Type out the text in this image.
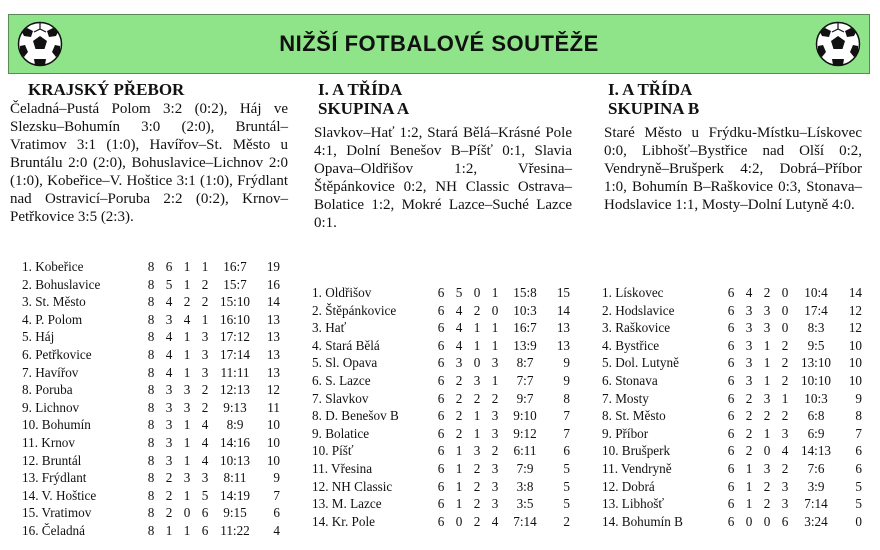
NIŽŠÍ FOTBALOVÉ SOUTĚŽE
KRAJSKÝ PŘEBOR

Čeladná–Pustá Polom 3:2 (0:2), Háj ve Slezsku–Bohumín 3:0 (2:0), Bruntál–Vratimov 3:1 (1:0), Havířov–St. Město u Bruntálu 2:0 (2:0), Bohuslavice–Lichnov 2:0 (1:0), Kobeřice–V. Hoštice 3:1 (1:0), Frýdlant nad Ostravicí–Poruba 2:2 (0:2), Krnov–Petřkovice 3:5 (2:3).

1. Kobeřice	8	6	1	1	16:7	19
2. Bohuslavice	8	5	1	2	15:7	16
3. St. Město	8	4	2	2	15:10	14
4. P. Polom	8	3	4	1	16:10	13
5. Háj	8	4	1	3	17:12	13
6. Petřkovice	8	4	1	3	17:14	13
7. Havířov	8	4	1	3	11:11	13
8. Poruba	8	3	3	2	12:13	12
9. Lichnov	8	3	3	2	9:13	11
10. Bohumín	8	3	1	4	8:9	10
11. Krnov	8	3	1	4	14:16	10
12. Bruntál	8	3	1	4	10:13	10
13. Frýdlant	8	2	3	3	8:11	9
14. V. Hoštice	8	2	1	5	14:19	7
15. Vratimov	8	2	0	6	9:15	6
16. Čeladná	8	1	1	6	11:22	4
I. A TŘÍDA
SKUPINA A

Slavkov–Hať 1:2, Stará Bělá–Krásné Pole 4:1, Dolní Benešov B–Píšť 0:1, Slavia Opava–Oldřišov 1:2, Vřesina–Štěpánkovice 0:2, NH Classic Ostrava–Bolatice 1:2, Mokré Lazce–Suché Lazce 0:1.

1. Oldřišov	6	5	0	1	15:8	15
2. Štěpánkovice	6	4	2	0	10:3	14
3. Hať	6	4	1	1	16:7	13
4. Stará Bělá	6	4	1	1	13:9	13
5. Sl. Opava	6	3	0	3	8:7	9
6. S. Lazce	6	2	3	1	7:7	9
7. Slavkov	6	2	2	2	9:7	8
8. D. Benešov B	6	2	1	3	9:10	7
9. Bolatice	6	2	1	3	9:12	7
10. Píšť	6	1	3	2	6:11	6
11. Vřesina	6	1	2	3	7:9	5
12. NH Classic	6	1	2	3	3:8	5
13. M. Lazce	6	1	2	3	3:5	5
14. Kr. Pole	6	0	2	4	7:14	2
I. A TŘÍDA
SKUPINA B

Staré Město u Frýdku-Místku–Lískovec 0:0, Libhošť–Bystřice nad Olší 0:2, Vendryně–Brušperk 4:2, Dobrá–Příbor 1:0, Bohumín B–Raškovice 0:3, Stonava–Hodslavice 1:1, Mosty–Dolní Lutyně 4:0.

1. Lískovec	6	4	2	0	10:4	14
2. Hodslavice	6	3	3	0	17:4	12
3. Raškovice	6	3	3	0	8:3	12
4. Bystřice	6	3	1	2	9:5	10
5. Dol. Lutyně	6	3	1	2	13:10	10
6. Stonava	6	3	1	2	10:10	10
7. Mosty	6	2	3	1	10:3	9
8. St. Město	6	2	2	2	6:8	8
9. Příbor	6	2	1	3	6:9	7
10. Brušperk	6	2	0	4	14:13	6
11. Vendryně	6	1	3	2	7:6	6
12. Dobrá	6	1	2	3	3:9	5
13. Libhošť	6	1	2	3	7:14	5
14. Bohumín B	6	0	0	6	3:24	0
